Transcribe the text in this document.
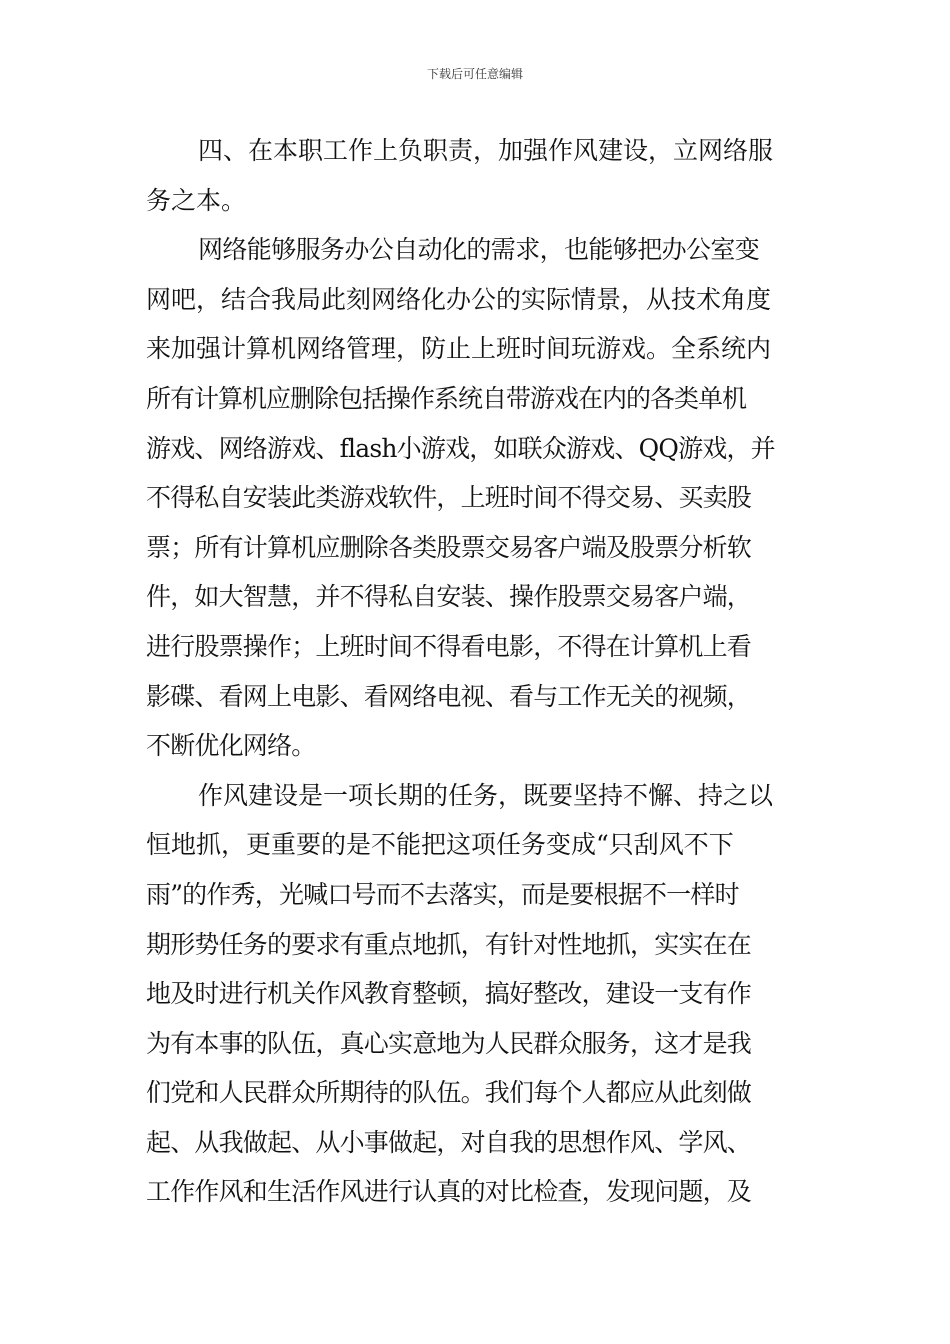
下载后可任意编辑
四、在本职工作上负职责，加强作风建设，立网络服
务之本。
网络能够服务办公自动化的需求，也能够把办公室变
网吧，结合我局此刻网络化办公的实际情景，从技术角度
来加强计算机网络管理，防止上班时间玩游戏。全系统内
所有计算机应删除包括操作系统自带游戏在内的各类单机
游戏、网络游戏、flash小游戏，如联众游戏、QQ游戏，并
不得私自安装此类游戏软件，上班时间不得交易、买卖股
票；所有计算机应删除各类股票交易客户端及股票分析软
件，如大智慧，并不得私自安装、操作股票交易客户端，
进行股票操作；上班时间不得看电影，不得在计算机上看
影碟、看网上电影、看网络电视、看与工作无关的视频，
不断优化网络。
作风建设是一项长期的任务，既要坚持不懈、持之以
恒地抓，更重要的是不能把这项任务变成“只刮风不下
雨”的作秀，光喊口号而不去落实，而是要根据不一样时
期形势任务的要求有重点地抓，有针对性地抓，实实在在
地及时进行机关作风教育整顿，搞好整改，建设一支有作
为有本事的队伍，真心实意地为人民群众服务，这才是我
们党和人民群众所期待的队伍。我们每个人都应从此刻做
起、从我做起、从小事做起，对自我的思想作风、学风、
工作作风和生活作风进行认真的对比检查，发现问题，及
